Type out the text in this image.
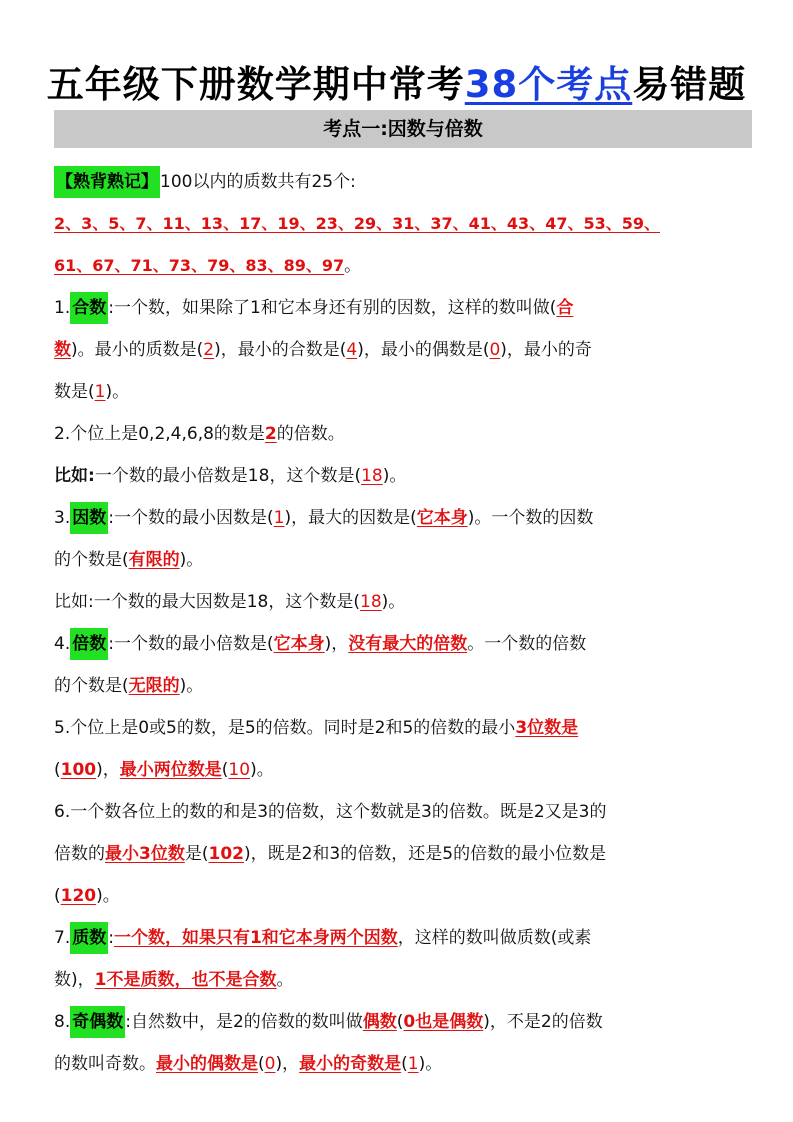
五年级下册数学期中常考38个考点易错题
考点一:因数与倍数
【熟背熟记】 100以内的质数共有25个:
2、3、5、7、11、13、17、19、23、29、31、37、41、43、47、53、59、
61、67、71、73、79、83、89、97。
1. 合数 :一个数，如果除了1和它本身还有别的因数，这样的数叫做(合
数)。最小的质数是(2)，最小的合数是(4)，最小的偶数是(0)，最小的奇
数是(1)。
2.个位上是0,2,4,6,8的数是2的倍数。
比如:一个数的最小倍数是18，这个数是(18)。
3. 因数 :一个数的最小因数是(1)，最大的因数是(它本身)。一个数的因数
的个数是(有限的)。
比如:一个数的最大因数是18，这个数是(18)。
4. 倍数 :一个数的最小倍数是(它本身)，没有最大的倍数。一个数的倍数
的个数是(无限的)。
5.个位上是0或5的数，是5的倍数。同时是2和5的倍数的最小3位数是
(100)，最小两位数是(10)。
6.一个数各位上的数的和是3的倍数，这个数就是3的倍数。既是2又是3的
倍数的最小3位数是(102)，既是2和3的倍数，还是5的倍数的最小位数是
(120)。
7. 质数 :一个数，如果只有1和它本身两个因数，这样的数叫做质数(或素
数)，1不是质数，也不是合数。
8. 奇偶数 :自然数中，是2的倍数的数叫做偶数(0也是偶数)，不是2的倍数
的数叫奇数。最小的偶数是(0)，最小的奇数是(1)。
